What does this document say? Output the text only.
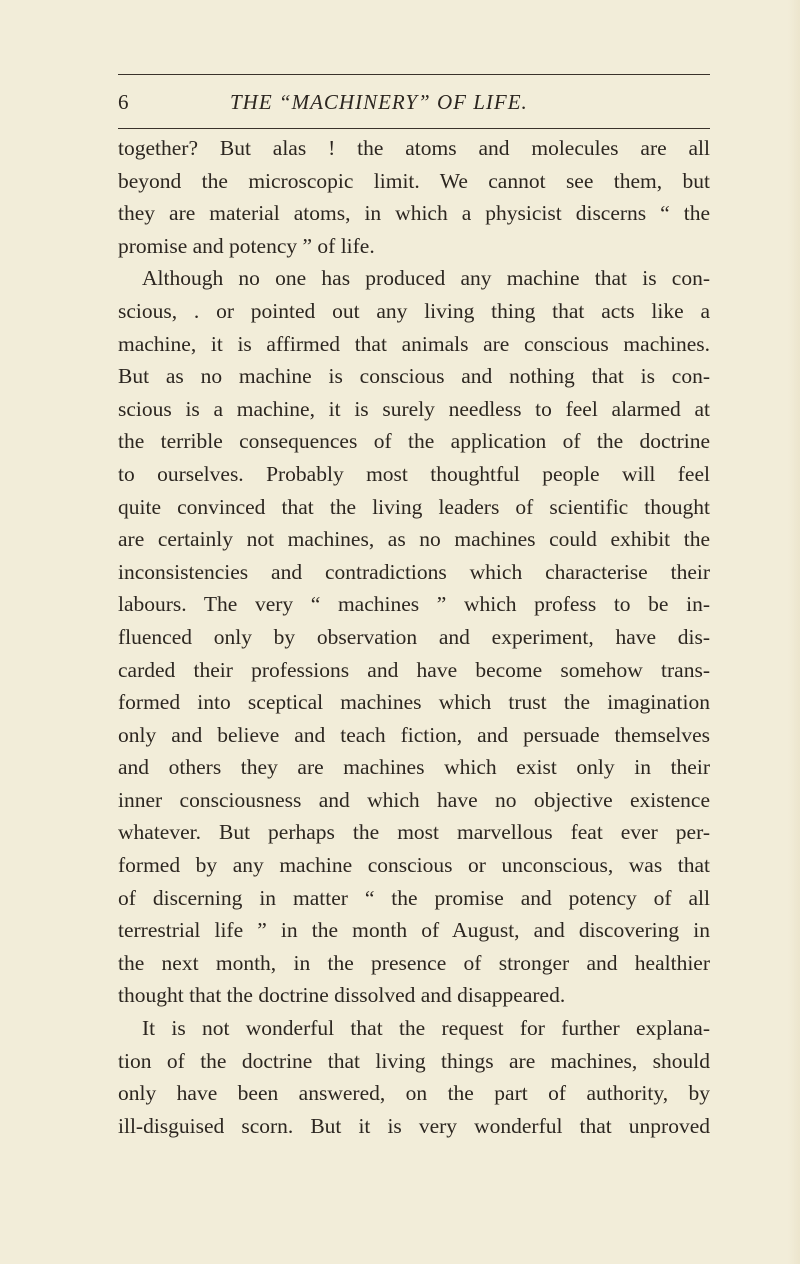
6	THE “MACHINERY” OF LIFE.
together? But alas ! the atoms and molecules are all
beyond the microscopic limit. We cannot see them, but
they are material atoms, in which a physicist discerns “ the
promise and potency ” of life.
Although no one has produced any machine that is con-
scious, . or pointed out any living thing that acts like a
machine, it is affirmed that animals are conscious machines.
But as no machine is conscious and nothing that is con-
scious is a machine, it is surely needless to feel alarmed at
the terrible consequences of the application of the doctrine
to ourselves. Probably most thoughtful people will feel
quite convinced that the living leaders of scientific thought
are certainly not machines, as no machines could exhibit the
inconsistencies and contradictions which characterise their
labours. The very “ machines ” which profess to be in-
fluenced only by observation and experiment, have dis-
carded their professions and have become somehow trans-
formed into sceptical machines which trust the imagination
only and believe and teach fiction, and persuade themselves
and others they are machines which exist only in their
inner consciousness and which have no objective existence
whatever. But perhaps the most marvellous feat ever per-
formed by any machine conscious or unconscious, was that
of discerning in matter “ the promise and potency of all
terrestrial life ” in the month of August, and discovering in
the next month, in the presence of stronger and healthier
thought that the doctrine dissolved and disappeared.
It is not wonderful that the request for further explana-
tion of the doctrine that living things are machines, should
only have been answered, on the part of authority, by
ill-disguised scorn. But it is very wonderful that unproved
